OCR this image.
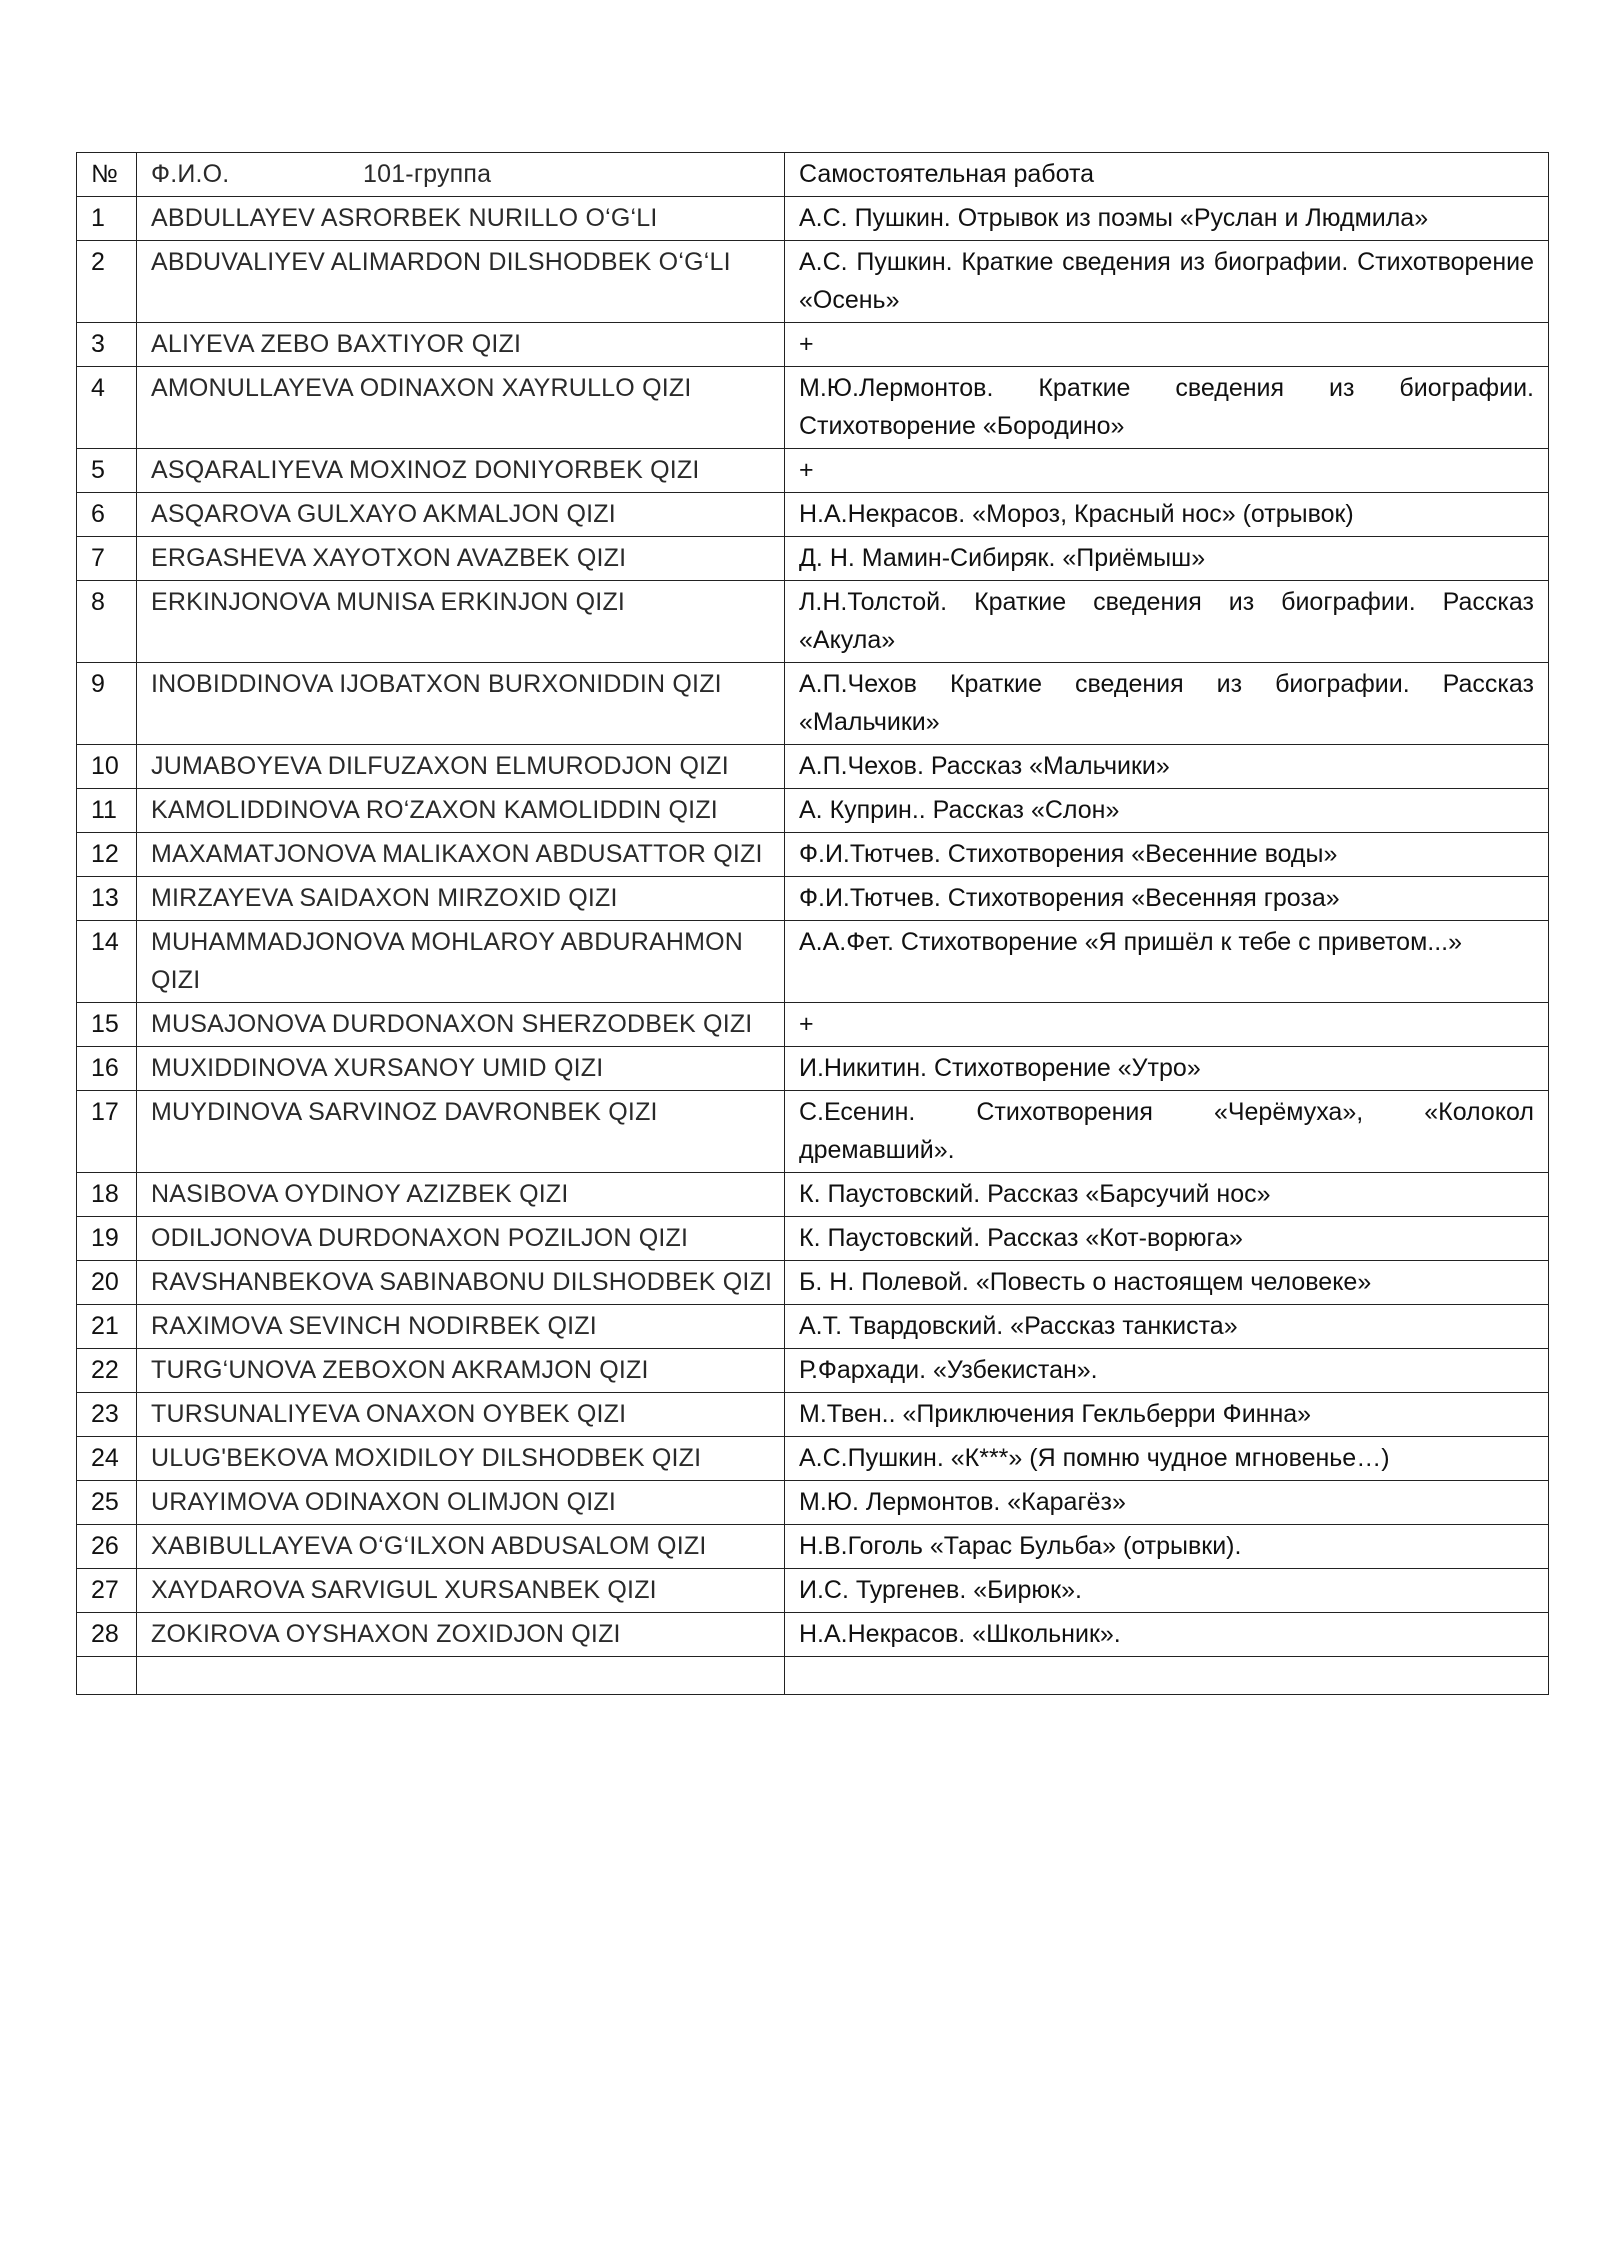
№	Ф.И.О. 101-группа	Самостоятельная работа
1	ABDULLAYEV ASRORBEK NURILLO O‘G‘LI	А.С. Пушкин. Отрывок из поэмы «Руслан и Людмила»
2	ABDUVALIYEV ALIMARDON DILSHODBEK O‘G‘LI	А.С. Пушкин. Краткие сведения из биографии. Стихотворение «Осень»
3	ALIYEVA ZEBO BAXTIYOR QIZI	+
4	AMONULLAYEVA ODINAXON XAYRULLO QIZI	М.Ю.Лермонтов. Краткие сведения из биографии. Стихотворение «Бородино»
5	ASQARALIYEVA MOXINOZ DONIYORBEK QIZI	+
6	ASQAROVA GULXAYO AKMALJON QIZI	Н.А.Некрасов. «Мороз, Красный нос» (отрывок)
7	ERGASHEVA XAYOTXON AVAZBEK QIZI	Д. Н. Мамин-Сибиряк. «Приёмыш»
8	ERKINJONOVA MUNISA ERKINJON QIZI	Л.Н.Толстой. Краткие сведения из биографии. Рассказ «Акула»
9	INOBIDDINOVA IJOBATXON BURXONIDDIN QIZI	А.П.Чехов Краткие сведения из биографии. Рассказ «Мальчики»
10	JUMABOYEVA DILFUZAXON ELMURODJON QIZI	А.П.Чехов. Рассказ «Мальчики»
11	KAMOLIDDINOVA RO‘ZAXON KAMOLIDDIN QIZI	А. Куприн.. Рассказ «Слон»
12	MAXAMATJONOVA MALIKAXON ABDUSATTOR QIZI	Ф.И.Тютчев. Стихотворения «Весенние воды»
13	MIRZAYEVA SAIDAXON MIRZOXID QIZI	Ф.И.Тютчев. Стихотворения «Весенняя гроза»
14	MUHAMMADJONOVA MOHLAROY ABDURAHMON QIZI	А.А.Фет. Стихотворение «Я пришёл к тебе с приветом...»
15	MUSAJONOVA DURDONAXON SHERZODBEK QIZI	+
16	MUXIDDINOVA XURSANOY UMID QIZI	И.Никитин. Стихотворение «Утро»
17	MUYDINOVA SARVINOZ DAVRONBEK QIZI	С.Есенин. Стихотворения «Черёмуха», «Колокол дремавший».
18	NASIBOVA OYDINOY AZIZBEK QIZI	К. Паустовский. Рассказ «Барсучий нос»
19	ODILJONOVA DURDONAXON POZILJON QIZI	К. Паустовский. Рассказ «Кот-ворюга»
20	RAVSHANBEKOVA SABINABONU DILSHODBEK QIZI	Б. Н. Полевой. «Повесть о настоящем человеке»
21	RAXIMOVA SEVINCH NODIRBEK QIZI	А.Т. Твардовский. «Рассказ танкиста»
22	TURG‘UNOVA ZEBOXON AKRAMJON QIZI	Р.Фархади. «Узбекистан».
23	TURSUNALIYEVA ONAXON OYBEK QIZI	М.Твен.. «Приключения Гекльберри Финна»
24	ULUG'BEKOVA MOXIDILOY DILSHODBEK QIZI	А.С.Пушкин. «К***» (Я помню чудное мгновенье…)
25	URAYIMOVA ODINAXON OLIMJON QIZI	М.Ю. Лермонтов. «Карагёз»
26	XABIBULLAYEVA O‘G‘ILXON ABDUSALOM QIZI	Н.В.Гоголь «Тарас Бульба» (отрывки).
27	XAYDAROVA SARVIGUL XURSANBEK QIZI	И.С. Тургенев. «Бирюк».
28	ZOKIROVA OYSHAXON ZOXIDJON QIZI	Н.А.Некрасов. «Школьник».
